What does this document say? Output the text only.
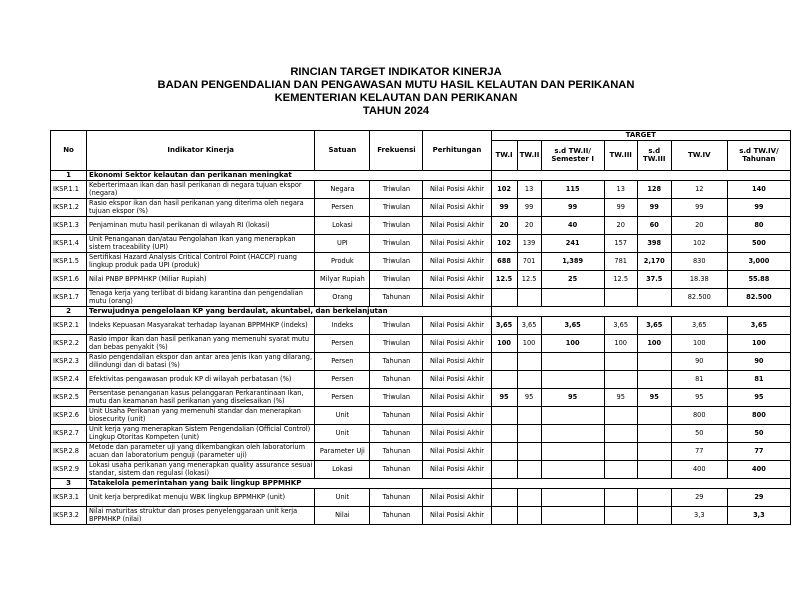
RINCIAN TARGET INDIKATOR KINERJA
BADAN PENGENDALIAN DAN PENGAWASAN MUTU HASIL KELAUTAN DAN PERIKANAN
KEMENTERIAN KELAUTAN DAN PERIKANAN
TAHUN 2024
No	Indikator Kinerja	Satuan	Frekuensi	Perhitungan	TARGET						
					TW.I	TW.II	s.d TW.II/ Semester I	TW.III	s.d TW.III	TW.IV	s.d TW.IV/ Tahunan
1	Ekonomi Sektor kelautan dan perikanan meningkat										
IKSP.1.1	Keberterimaan ikan dan hasil perikanan di negara tujuan ekspor (negara)	Negara	Triwulan	Nilai Posisi Akhir	102	13	115	13	128	12	140
IKSP.1.2	Rasio ekspor ikan dan hasil perikanan yang diterima oleh negara tujuan ekspor (%)	Persen	Triwulan	Nilai Posisi Akhir	99	99	99	99	99	99	99
IKSP.1.3	Penjaminan mutu hasil perikanan di wilayah RI (lokasi)	Lokasi	Triwulan	Nilai Posisi Akhir	20	20	40	20	60	20	80
IKSP.1.4	Unit Penanganan dan/atau Pengolahan Ikan yang menerapkan sistem traceability (UPI)	UPI	Triwulan	Nilai Posisi Akhir	102	139	241	157	398	102	500
IKSP.1.5	Sertifikasi Hazard Analysis Critical Control Point (HACCP) ruang lingkup produk pada UPI (produk)	Produk	Triwulan	Nilai Posisi Akhir	688	701	1,389	781	2,170	830	3,000
IKSP.1.6	Nilai PNBP BPPMHKP (Miliar Rupiah)	Milyar Rupiah	Triwulan	Nilai Posisi Akhir	12.5	12.5	25	12.5	37.5	18.38	55.88
IKSP.1.7	Tenaga kerja yang terlibat di bidang karantina dan pengendalian mutu (orang)	Orang	Tahunan	Nilai Posisi Akhir						82.500	82.500
2	Terwujudnya pengelolaan KP yang berdaulat, akuntabel, dan berkelanjutan										
IKSP.2.1	Indeks Kepuasan Masyarakat terhadap layanan BPPMHKP (indeks)	Indeks	Triwulan	Nilai Posisi Akhir	3,65	3,65	3,65	3,65	3,65	3,65	3,65
IKSP.2.2	Rasio impor ikan dan hasil perikanan yang memenuhi syarat mutu dan bebas penyakit (%)	Persen	Triwulan	Nilai Posisi Akhir	100	100	100	100	100	100	100
IKSP.2.3	Rasio pengendalian ekspor dan antar area jenis ikan yang dilarang, dilindungi dan di batasi (%)	Persen	Tahunan	Nilai Posisi Akhir						90	90
IKSP.2.4	Efektivitas pengawasan produk KP di wilayah perbatasan (%)	Persen	Tahunan	Nilai Posisi Akhir						81	81
IKSP.2.5	Persentase penanganan kasus pelanggaran Perkarantinaan Ikan, mutu dan keamanan hasil perikanan yang diselesaikan (%)	Persen	Triwulan	Nilai Posisi Akhir	95	95	95	95	95	95	95
IKSP.2.6	Unit Usaha Perikanan yang memenuhi standar dan menerapkan biosecurity (unit)	Unit	Tahunan	Nilai Posisi Akhir						800	800
IKSP.2.7	Unit kerja yang menerapkan Sistem Pengendalian (Official Control) Lingkup Otoritas Kompeten (unit)	Unit	Tahunan	Nilai Posisi Akhir						50	50
IKSP.2.8	Metode dan parameter uji yang dikembangkan oleh laboratorium acuan dan laboratorium penguji (parameter uji)	Parameter Uji	Tahunan	Nilai Posisi Akhir						77	77
IKSP.2.9	Lokasi usaha perikanan yang menerapkan quality assurance sesuai standar, sistem dan regulasi (lokasi)	Lokasi	Tahunan	Nilai Posisi Akhir						400	400
3	Tatakelola pemerintahan yang baik lingkup BPPMHKP										
IKSP.3.1	Unit kerja berpredikat menuju WBK lingkup BPPMHKP (unit)	Unit	Tahunan	Nilai Posisi Akhir						29	29
IKSP.3.2	Nilai maturitas struktur dan proses penyelenggaraan unit kerja BPPMHKP (nilai)	Nilai	Tahunan	Nilai Posisi Akhir						3,3	3,3
